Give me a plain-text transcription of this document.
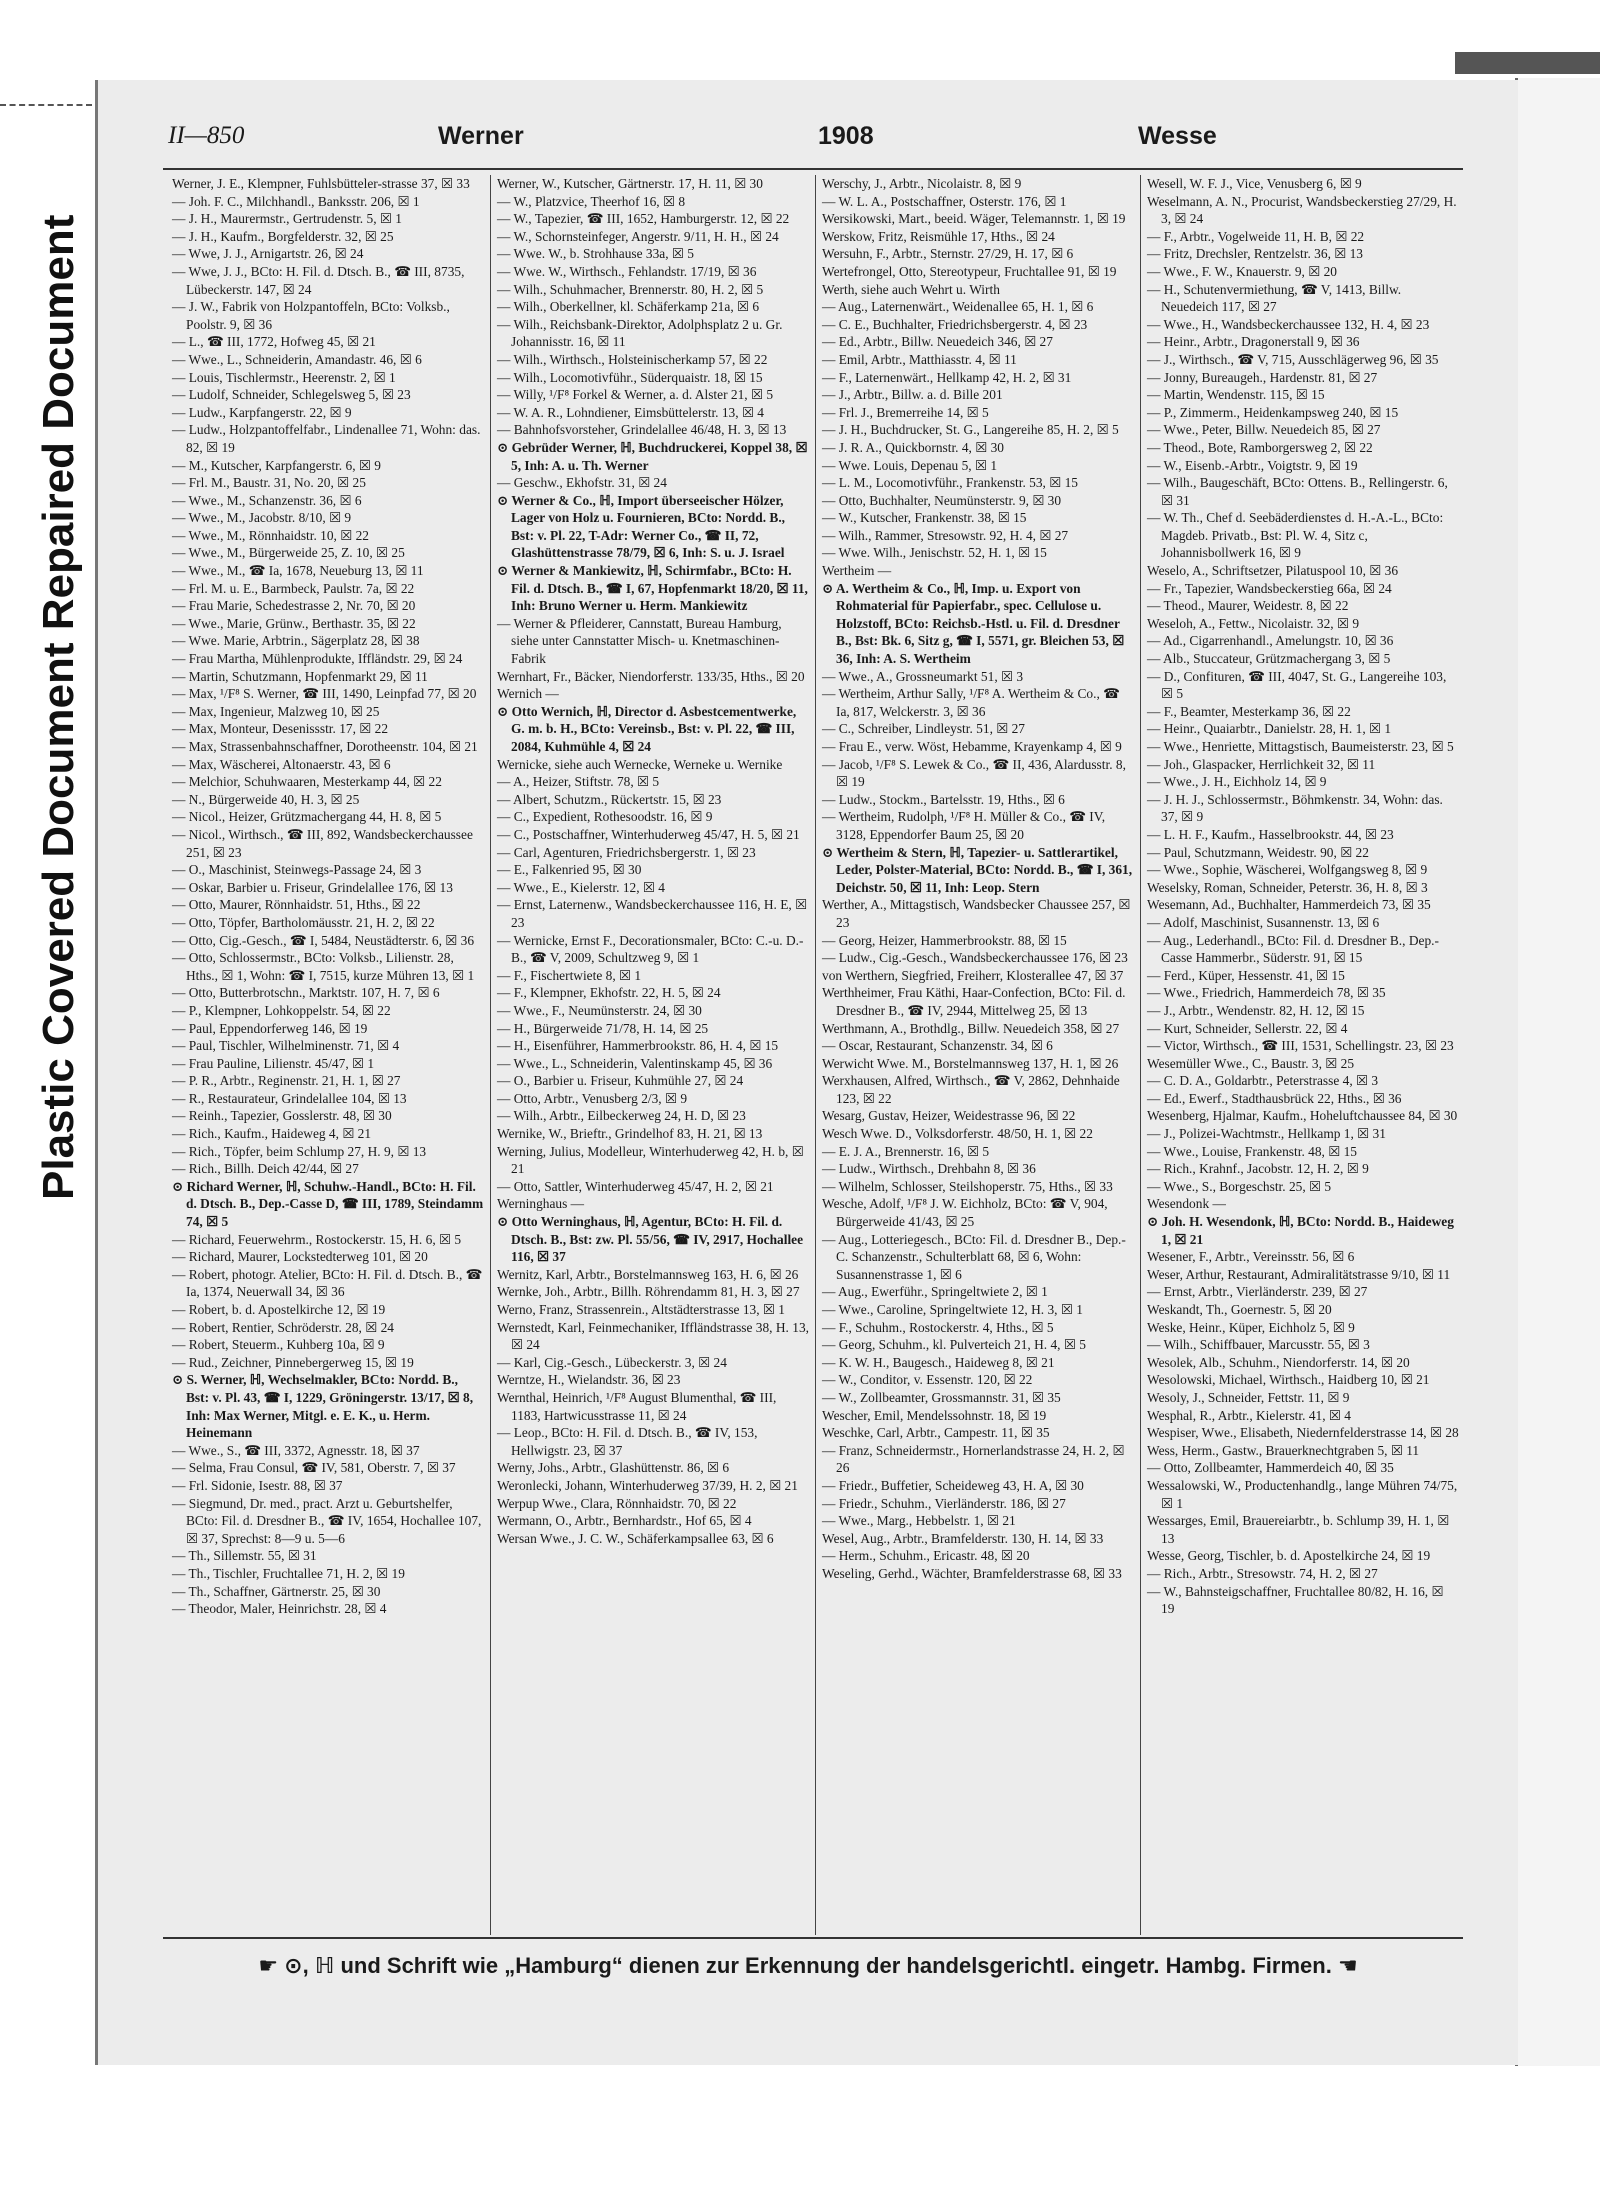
Plastic Covered Document Repaired Document
II—850	Werner	1908	Wesse

Werner, J. E., Klempner, Fuhlsbütteler-strasse 37, ☒ 33

— Joh. F. C., Milchhandl., Banksstr. 206, ☒ 1

— J. H., Maurermstr., Gertrudenstr. 5, ☒ 1

— J. H., Kaufm., Borgfelderstr. 32, ☒ 25

— Wwe, J. J., Arnigartstr. 26, ☒ 24

— Wwe, J. J., BCto: H. Fil. d. Dtsch. B., ☎ III, 8735, Lübeckerstr. 147, ☒ 24

— J. W., Fabrik von Holzpantoffeln, BCto: Volksb., Poolstr. 9, ☒ 36

— L., ☎ III, 1772, Hofweg 45, ☒ 21

— Wwe., L., Schneiderin, Amandastr. 46, ☒ 6

— Louis, Tischlermstr., Heerenstr. 2, ☒ 1

— Ludolf, Schneider, Schlegelsweg 5, ☒ 23

— Ludw., Karpfangerstr. 22, ☒ 9

— Ludw., Holzpantoffelfabr., Lindenallee 71, Wohn: das. 82, ☒ 19

— M., Kutscher, Karpfangerstr. 6, ☒ 9

— Frl. M., Baustr. 31, No. 20, ☒ 25

— Wwe., M., Schanzenstr. 36, ☒ 6

— Wwe., M., Jacobstr. 8/10, ☒ 9

— Wwe., M., Rönnhaidstr. 10, ☒ 22

— Wwe., M., Bürgerweide 25, Z. 10, ☒ 25

— Wwe., M., ☎ Ia, 1678, Neueburg 13, ☒ 11

— Frl. M. u. E., Barmbeck, Paulstr. 7a, ☒ 22

— Frau Marie, Schedestrasse 2, Nr. 70, ☒ 20

— Wwe., Marie, Grünw., Berthastr. 35, ☒ 22

— Wwe. Marie, Arbtrin., Sägerplatz 28, ☒ 38

— Frau Martha, Mühlenprodukte, Iffländstr. 29, ☒ 24

— Martin, Schutzmann, Hopfenmarkt 29, ☒ 11

— Max, ¹/F⁸ S. Werner, ☎ III, 1490, Leinpfad 77, ☒ 20

— Max, Ingenieur, Malzweg 10, ☒ 25

— Max, Monteur, Desenissstr. 17, ☒ 22

— Max, Strassenbahnschaffner, Dorotheenstr. 104, ☒ 21

— Max, Wäscherei, Altonaerstr. 43, ☒ 6

— Melchior, Schuhwaaren, Mesterkamp 44, ☒ 22

— N., Bürgerweide 40, H. 3, ☒ 25

— Nicol., Heizer, Grützmachergang 44, H. 8, ☒ 5

— Nicol., Wirthsch., ☎ III, 892, Wandsbeckerchaussee 251, ☒ 23

— O., Maschinist, Steinwegs-Passage 24, ☒ 3

— Oskar, Barbier u. Friseur, Grindelallee 176, ☒ 13

— Otto, Maurer, Rönnhaidstr. 51, Hths., ☒ 22

— Otto, Töpfer, Bartholomäusstr. 21, H. 2, ☒ 22

— Otto, Cig.-Gesch., ☎ I, 5484, Neustädterstr. 6, ☒ 36

— Otto, Schlossermstr., BCto: Volksb., Lilienstr. 28, Hths., ☒ 1, Wohn: ☎ I, 7515, kurze Mühren 13, ☒ 1

— Otto, Butterbrotschn., Marktstr. 107, H. 7, ☒ 6

— P., Klempner, Lohkoppelstr. 54, ☒ 22

— Paul, Eppendorferweg 146, ☒ 19

— Paul, Tischler, Wilhelminenstr. 71, ☒ 4

— Frau Pauline, Lilienstr. 45/47, ☒ 1

— P. R., Arbtr., Reginenstr. 21, H. 1, ☒ 27

— R., Restaurateur, Grindelallee 104, ☒ 13

— Reinh., Tapezier, Gosslerstr. 48, ☒ 30

— Rich., Kaufm., Haideweg 4, ☒ 21

— Rich., Töpfer, beim Schlump 27, H. 9, ☒ 13

— Rich., Billh. Deich 42/44, ☒ 27

⊙ Richard Werner, ℍ, Schuhw.-Handl., BCto: H. Fil. d. Dtsch. B., Dep.-Casse D, ☎ III, 1789, Steindamm 74, ☒ 5

— Richard, Feuerwehrm., Rostockerstr. 15, H. 6, ☒ 5

— Richard, Maurer, Lockstedterweg 101, ☒ 20

— Robert, photogr. Atelier, BCto: H. Fil. d. Dtsch. B., ☎ Ia, 1374, Neuerwall 34, ☒ 36

— Robert, b. d. Apostelkirche 12, ☒ 19

— Robert, Rentier, Schröderstr. 28, ☒ 24

— Robert, Steuerm., Kuhberg 10a, ☒ 9

— Rud., Zeichner, Pinnebergerweg 15, ☒ 19

⊙ S. Werner, ℍ, Wechselmakler, BCto: Nordd. B., Bst: v. Pl. 43, ☎ I, 1229, Gröningerstr. 13/17, ☒ 8, Inh: Max Werner, Mitgl. e. E. K., u. Herm. Heinemann

— Wwe., S., ☎ III, 3372, Agnesstr. 18, ☒ 37

— Selma, Frau Consul, ☎ IV, 581, Oberstr. 7, ☒ 37

— Frl. Sidonie, Isestr. 88, ☒ 37

— Siegmund, Dr. med., pract. Arzt u. Geburtshelfer, BCto: Fil. d. Dresdner B., ☎ IV, 1654, Hochallee 107, ☒ 37, Sprechst: 8—9 u. 5—6

— Th., Sillemstr. 55, ☒ 31

— Th., Tischler, Fruchtallee 71, H. 2, ☒ 19

— Th., Schaffner, Gärtnerstr. 25, ☒ 30

— Theodor, Maler, Heinrichstr. 28, ☒ 4

Werner, W., Kutscher, Gärtnerstr. 17, H. 11, ☒ 30

— W., Platzvice, Theerhof 16, ☒ 8

— W., Tapezier, ☎ III, 1652, Hamburgerstr. 12, ☒ 22

— W., Schornsteinfeger, Angerstr. 9/11, H. H., ☒ 24

— Wwe. W., b. Strohhause 33a, ☒ 5

— Wwe. W., Wirthsch., Fehlandstr. 17/19, ☒ 36

— Wilh., Schuhmacher, Brennerstr. 80, H. 2, ☒ 5

— Wilh., Oberkellner, kl. Schäferkamp 21a, ☒ 6

— Wilh., Reichsbank-Direktor, Adolphsplatz 2 u. Gr. Johannisstr. 16, ☒ 11

— Wilh., Wirthsch., Holsteinischerkamp 57, ☒ 22

— Wilh., Locomotivführ., Süderquaistr. 18, ☒ 15

— Willy, ¹/F⁸ Forkel & Werner, a. d. Alster 21, ☒ 5

— W. A. R., Lohndiener, Eimsbüttelerstr. 13, ☒ 4

— Bahnhofsvorsteher, Grindelallee 46/48, H. 3, ☒ 13

⊙ Gebrüder Werner, ℍ, Buchdruckerei, Koppel 38, ☒ 5, Inh: A. u. Th. Werner

— Geschw., Ekhofstr. 31, ☒ 24

⊙ Werner & Co., ℍ, Import überseeischer Hölzer, Lager von Holz u. Fournieren, BCto: Nordd. B., Bst: v. Pl. 22, T-Adr: Werner Co., ☎ II, 72, Glashüttenstrasse 78/79, ☒ 6, Inh: S. u. J. Israel

⊙ Werner & Mankiewitz, ℍ, Schirmfabr., BCto: H. Fil. d. Dtsch. B., ☎ I, 67, Hopfenmarkt 18/20, ☒ 11, Inh: Bruno Werner u. Herm. Mankiewitz

— Werner & Pfleiderer, Cannstatt, Bureau Hamburg, siehe unter Cannstatter Misch- u. Knetmaschinen-Fabrik

Wernhart, Fr., Bäcker, Niendorferstr. 133/35, Hths., ☒ 20

Wernich —

⊙ Otto Wernich, ℍ, Director d. Asbestcementwerke, G. m. b. H., BCto: Vereinsb., Bst: v. Pl. 22, ☎ III, 2084, Kuhmühle 4, ☒ 24

Wernicke, siehe auch Wernecke, Werneke u. Wernike

— A., Heizer, Stiftstr. 78, ☒ 5

— Albert, Schutzm., Rückertstr. 15, ☒ 23

— C., Expedient, Rothesoodstr. 16, ☒ 9

— C., Postschaffner, Winterhuderweg 45/47, H. 5, ☒ 21

— Carl, Agenturen, Friedrichsbergerstr. 1, ☒ 23

— E., Falkenried 95, ☒ 30

— Wwe., E., Kielerstr. 12, ☒ 4

— Ernst, Laternenw., Wandsbeckerchaussee 116, H. E, ☒ 23

— Wernicke, Ernst F., Decorationsmaler, BCto: C.-u. D.-B., ☎ V, 2009, Schultzweg 9, ☒ 1

— F., Fischertwiete 8, ☒ 1

— F., Klempner, Ekhofstr. 22, H. 5, ☒ 24

— Wwe., F., Neumünsterstr. 24, ☒ 30

— H., Bürgerweide 71/78, H. 14, ☒ 25

— H., Eisenführer, Hammerbrookstr. 86, H. 4, ☒ 15

— Wwe., L., Schneiderin, Valentinskamp 45, ☒ 36

— O., Barbier u. Friseur, Kuhmühle 27, ☒ 24

— Otto, Arbtr., Venusberg 2/3, ☒ 9

— Wilh., Arbtr., Eilbeckerweg 24, H. D, ☒ 23

Wernike, W., Brieftr., Grindelhof 83, H. 21, ☒ 13

Werning, Julius, Modelleur, Winterhuderweg 42, H. b, ☒ 21

— Otto, Sattler, Winterhuderweg 45/47, H. 2, ☒ 21

Werninghaus —

⊙ Otto Werninghaus, ℍ, Agentur, BCto: H. Fil. d. Dtsch. B., Bst: zw. Pl. 55/56, ☎ IV, 2917, Hochallee 116, ☒ 37

Wernitz, Karl, Arbtr., Borstelmannsweg 163, H. 6, ☒ 26

Wernke, Joh., Arbtr., Billh. Röhrendamm 81, H. 3, ☒ 27

Werno, Franz, Strassenrein., Altstädterstrasse 13, ☒ 1

Wernstedt, Karl, Feinmechaniker, Iffländstrasse 38, H. 13, ☒ 24

— Karl, Cig.-Gesch., Lübeckerstr. 3, ☒ 24

Werntze, H., Wielandstr. 36, ☒ 23

Wernthal, Heinrich, ¹/F⁸ August Blumenthal, ☎ III, 1183, Hartwicusstrasse 11, ☒ 24

— Leop., BCto: H. Fil. d. Dtsch. B., ☎ IV, 153, Hellwigstr. 23, ☒ 37

Werny, Johs., Arbtr., Glashüttenstr. 86, ☒ 6

Weronlecki, Johann, Winterhuderweg 37/39, H. 2, ☒ 21

Werpup Wwe., Clara, Rönnhaidstr. 70, ☒ 22

Wermann, O., Arbtr., Bernhardstr., Hof 65, ☒ 4

Wersan Wwe., J. C. W., Schäferkampsallee 63, ☒ 6

Werschy, J., Arbtr., Nicolaistr. 8, ☒ 9

— W. L. A., Postschaffner, Osterstr. 176, ☒ 1

Wersikowski, Mart., beeid. Wäger, Telemannstr. 1, ☒ 19

Werskow, Fritz, Reismühle 17, Hths., ☒ 24

Wersuhn, F., Arbtr., Sternstr. 27/29, H. 17, ☒ 6

Wertefrongel, Otto, Stereotypeur, Fruchtallee 91, ☒ 19

Werth, siehe auch Wehrt u. Wirth

— Aug., Laternenwärt., Weidenallee 65, H. 1, ☒ 6

— C. E., Buchhalter, Friedrichsbergerstr. 4, ☒ 23

— Ed., Arbtr., Billw. Neuedeich 346, ☒ 27

— Emil, Arbtr., Matthiasstr. 4, ☒ 11

— F., Laternenwärt., Hellkamp 42, H. 2, ☒ 31

— J., Arbtr., Billw. a. d. Bille 201

— Frl. J., Bremerreihe 14, ☒ 5

— J. H., Buchdrucker, St. G., Langereihe 85, H. 2, ☒ 5

— J. R. A., Quickbornstr. 4, ☒ 30

— Wwe. Louis, Depenau 5, ☒ 1

— L. M., Locomotivführ., Frankenstr. 53, ☒ 15

— Otto, Buchhalter, Neumünsterstr. 9, ☒ 30

— W., Kutscher, Frankenstr. 38, ☒ 15

— Wilh., Rammer, Stresowstr. 92, H. 4, ☒ 27

— Wwe. Wilh., Jenischstr. 52, H. 1, ☒ 15

Wertheim —

⊙ A. Wertheim & Co., ℍ, Imp. u. Export von Rohmaterial für Papierfabr., spec. Cellulose u. Holzstoff, BCto: Reichsb.-Hstl. u. Fil. d. Dresdner B., Bst: Bk. 6, Sitz g, ☎ I, 5571, gr. Bleichen 53, ☒ 36, Inh: A. S. Wertheim

— Wwe., A., Grossneumarkt 51, ☒ 3

— Wertheim, Arthur Sally, ¹/F⁸ A. Wertheim & Co., ☎ Ia, 817, Welckerstr. 3, ☒ 36

— C., Schreiber, Lindleystr. 51, ☒ 27

— Frau E., verw. Wöst, Hebamme, Krayenkamp 4, ☒ 9

— Jacob, ¹/F⁸ S. Lewek & Co., ☎ II, 436, Alardusstr. 8, ☒ 19

— Ludw., Stockm., Bartelsstr. 19, Hths., ☒ 6

— Wertheim, Rudolph, ¹/F⁸ H. Müller & Co., ☎ IV, 3128, Eppendorfer Baum 25, ☒ 20

⊙ Wertheim & Stern, ℍ, Tapezier- u. Sattlerartikel, Leder, Polster-Material, BCto: Nordd. B., ☎ I, 361, Deichstr. 50, ☒ 11, Inh: Leop. Stern

Werther, A., Mittagstisch, Wandsbecker Chaussee 257, ☒ 23

— Georg, Heizer, Hammerbrookstr. 88, ☒ 15

— Ludw., Cig.-Gesch., Wandsbeckerchaussee 176, ☒ 23

von Werthern, Siegfried, Freiherr, Klosterallee 47, ☒ 37

Werthheimer, Frau Käthi, Haar-Confection, BCto: Fil. d. Dresdner B., ☎ IV, 2944, Mittelweg 25, ☒ 13

Werthmann, A., Brothdlg., Billw. Neuedeich 358, ☒ 27

— Oscar, Restaurant, Schanzenstr. 34, ☒ 6

Werwicht Wwe. M., Borstelmannsweg 137, H. 1, ☒ 26

Werxhausen, Alfred, Wirthsch., ☎ V, 2862, Dehnhaide 123, ☒ 22

Wesarg, Gustav, Heizer, Weidestrasse 96, ☒ 22

Wesch Wwe. D., Volksdorferstr. 48/50, H. 1, ☒ 22

— E. J. A., Brennerstr. 16, ☒ 5

— Ludw., Wirthsch., Drehbahn 8, ☒ 36

— Wilhelm, Schlosser, Steilshoperstr. 75, Hths., ☒ 33

Wesche, Adolf, ¹/F⁸ J. W. Eichholz, BCto: ☎ V, 904, Bürgerweide 41/43, ☒ 25

— Aug., Lotteriegesch., BCto: Fil. d. Dresdner B., Dep.-C. Schanzenstr., Schulterblatt 68, ☒ 6, Wohn: Susannenstrasse 1, ☒ 6

— Aug., Ewerführ., Springeltwiete 2, ☒ 1

— Wwe., Caroline, Springeltwiete 12, H. 3, ☒ 1

— F., Schuhm., Rostockerstr. 4, Hths., ☒ 5

— Georg, Schuhm., kl. Pulverteich 21, H. 4, ☒ 5

— K. W. H., Baugesch., Haideweg 8, ☒ 21

— W., Conditor, v. Essenstr. 120, ☒ 22

— W., Zollbeamter, Grossmannstr. 31, ☒ 35

Wescher, Emil, Mendelssohnstr. 18, ☒ 19

Weschke, Carl, Arbtr., Campestr. 11, ☒ 35

— Franz, Schneidermstr., Hornerlandstrasse 24, H. 2, ☒ 26

— Friedr., Buffetier, Scheideweg 43, H. A, ☒ 30

— Friedr., Schuhm., Vierländerstr. 186, ☒ 27

— Wwe., Marg., Hebbelstr. 1, ☒ 21

Wesel, Aug., Arbtr., Bramfelderstr. 130, H. 14, ☒ 33

— Herm., Schuhm., Ericastr. 48, ☒ 20

Weseling, Gerhd., Wächter, Bramfelderstrasse 68, ☒ 33

Wesell, W. F. J., Vice, Venusberg 6, ☒ 9

Weselmann, A. N., Procurist, Wandsbeckerstieg 27/29, H. 3, ☒ 24

— F., Arbtr., Vogelweide 11, H. B, ☒ 22

— Fritz, Drechsler, Rentzelstr. 36, ☒ 13

— Wwe., F. W., Knauerstr. 9, ☒ 20

— H., Schutenvermiethung, ☎ V, 1413, Billw. Neuedeich 117, ☒ 27

— Wwe., H., Wandsbeckerchaussee 132, H. 4, ☒ 23

— Heinr., Arbtr., Dragonerstall 9, ☒ 36

— J., Wirthsch., ☎ V, 715, Ausschlägerweg 96, ☒ 35

— Jonny, Bureaugeh., Hardenstr. 81, ☒ 27

— Martin, Wendenstr. 115, ☒ 15

— P., Zimmerm., Heidenkampsweg 240, ☒ 15

— Wwe., Peter, Billw. Neuedeich 85, ☒ 27

— Theod., Bote, Ramborgersweg 2, ☒ 22

— W., Eisenb.-Arbtr., Voigtstr. 9, ☒ 19

— Wilh., Baugeschäft, BCto: Ottens. B., Rellingerstr. 6, ☒ 31

— W. Th., Chef d. Seebäderdienstes d. H.-A.-L., BCto: Magdeb. Privatb., Bst: Pl. W. 4, Sitz c, Johannisbollwerk 16, ☒ 9

Weselo, A., Schriftsetzer, Pilatuspool 10, ☒ 36

— Fr., Tapezier, Wandsbeckerstieg 66a, ☒ 24

— Theod., Maurer, Weidestr. 8, ☒ 22

Weseloh, A., Fettw., Nicolaistr. 32, ☒ 9

— Ad., Cigarrenhandl., Amelungstr. 10, ☒ 36

— Alb., Stuccateur, Grützmachergang 3, ☒ 5

— D., Confituren, ☎ III, 4047, St. G., Langereihe 103, ☒ 5

— F., Beamter, Mesterkamp 36, ☒ 22

— Heinr., Quaiarbtr., Danielstr. 28, H. 1, ☒ 1

— Wwe., Henriette, Mittagstisch, Baumeisterstr. 23, ☒ 5

— Joh., Glaspacker, Herrlichkeit 32, ☒ 11

— Wwe., J. H., Eichholz 14, ☒ 9

— J. H. J., Schlossermstr., Böhmkenstr. 34, Wohn: das. 37, ☒ 9

— L. H. F., Kaufm., Hasselbrookstr. 44, ☒ 23

— Paul, Schutzmann, Weidestr. 90, ☒ 22

— Wwe., Sophie, Wäscherei, Wolfgangsweg 8, ☒ 9

Weselsky, Roman, Schneider, Peterstr. 36, H. 8, ☒ 3

Wesemann, Ad., Buchhalter, Hammerdeich 73, ☒ 35

— Adolf, Maschinist, Susannenstr. 13, ☒ 6

— Aug., Lederhandl., BCto: Fil. d. Dresdner B., Dep.-Casse Hammerbr., Süderstr. 91, ☒ 15

— Ferd., Küper, Hessenstr. 41, ☒ 15

— Wwe., Friedrich, Hammerdeich 78, ☒ 35

— J., Arbtr., Wendenstr. 82, H. 12, ☒ 15

— Kurt, Schneider, Sellerstr. 22, ☒ 4

— Victor, Wirthsch., ☎ III, 1531, Schellingstr. 23, ☒ 23

Wesemüller Wwe., C., Baustr. 3, ☒ 25

— C. D. A., Goldarbtr., Peterstrasse 4, ☒ 3

— Ed., Ewerf., Stadthausbrück 22, Hths., ☒ 36

Wesenberg, Hjalmar, Kaufm., Hoheluftchaussee 84, ☒ 30

— J., Polizei-Wachtmstr., Hellkamp 1, ☒ 31

— Wwe., Louise, Frankenstr. 48, ☒ 15

— Rich., Krahnf., Jacobstr. 12, H. 2, ☒ 9

— Wwe., S., Borgeschstr. 25, ☒ 5

Wesendonk —

⊙ Joh. H. Wesendonk, ℍ, BCto: Nordd. B., Haideweg 1, ☒ 21

Wesener, F., Arbtr., Vereinsstr. 56, ☒ 6

Weser, Arthur, Restaurant, Admiralitätstrasse 9/10, ☒ 11

— Ernst, Arbtr., Vierländerstr. 239, ☒ 27

Weskandt, Th., Goernestr. 5, ☒ 20

Weske, Heinr., Küper, Eichholz 5, ☒ 9

— Wilh., Schiffbauer, Marcusstr. 55, ☒ 3

Wesolek, Alb., Schuhm., Niendorferstr. 14, ☒ 20

Wesolowski, Michael, Wirthsch., Haidberg 10, ☒ 21

Wesoly, J., Schneider, Fettstr. 11, ☒ 9

Wesphal, R., Arbtr., Kielerstr. 41, ☒ 4

Wespiser, Wwe., Elisabeth, Niedernfelderstrasse 14, ☒ 28

Wess, Herm., Gastw., Brauerknechtgraben 5, ☒ 11

— Otto, Zollbeamter, Hammerdeich 40, ☒ 35

Wessalowski, W., Productenhandlg., lange Mühren 74/75, ☒ 1

Wessarges, Emil, Brauereiarbtr., b. Schlump 39, H. 1, ☒ 13

Wesse, Georg, Tischler, b. d. Apostelkirche 24, ☒ 19

— Rich., Arbtr., Stresowstr. 74, H. 2, ☒ 27

— W., Bahnsteigschaffner, Fruchtallee 80/82, H. 16, ☒ 19

☛ ⊙, ℍ und Schrift wie „Hamburg“ dienen zur Erkennung der handelsgerichtl. eingetr. Hambg. Firmen. ☚
